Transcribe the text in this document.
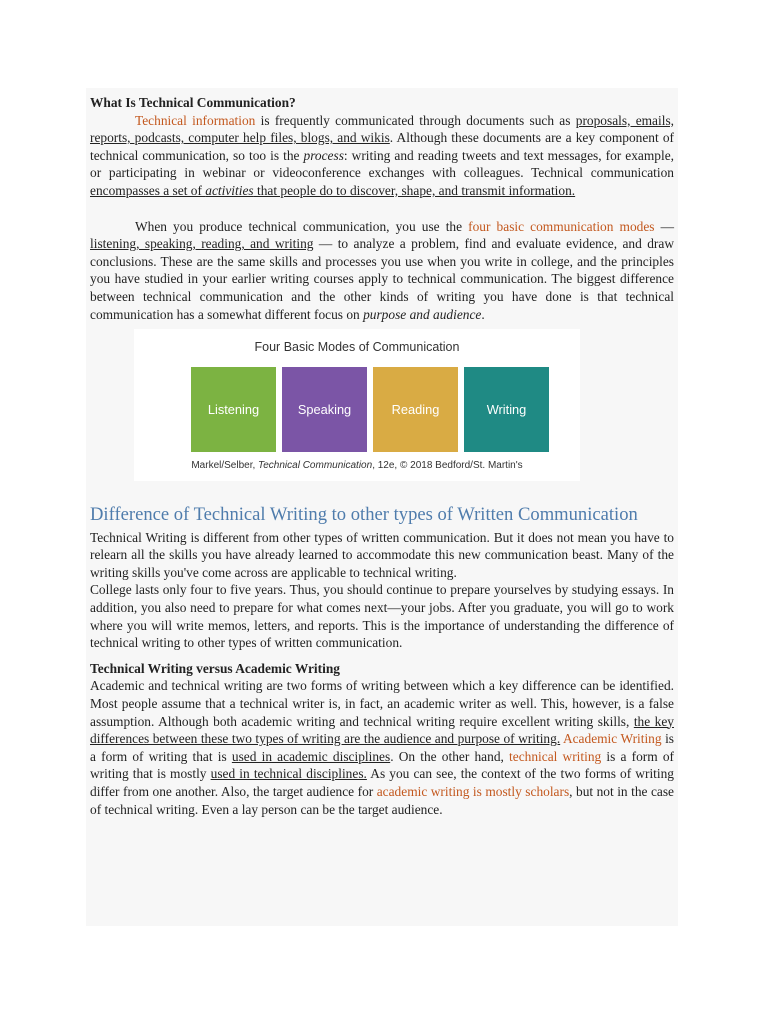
What Is Technical Communication?

Technical information is frequently communicated through documents such as proposals, emails, reports, podcasts, computer help files, blogs, and wikis. Although these documents are a key component of technical communication, so too is the process: writing and reading tweets and text messages, for example, or participating in webinar or videoconference exchanges with colleagues. Technical communication encompasses a set of activities that people do to discover, shape, and transmit information.

When you produce technical communication, you use the four basic communication modes — listening, speaking, reading, and writing — to analyze a problem, find and evaluate evidence, and draw conclusions. These are the same skills and processes you use when you write in college, and the principles you have studied in your earlier writing courses apply to technical communication. The biggest difference between technical communication and the other kinds of writing you have done is that technical communication has a somewhat different focus on purpose and audience.

Four Basic Modes of Communication
Listening	Speaking	Reading	Writing
Markel/Selber, Technical Communication, 12e, © 2018 Bedford/St. Martin's
Difference of Technical Writing to other types of Written Communication

Technical Writing is different from other types of written communication. But it does not mean you have to relearn all the skills you have already learned to accommodate this new communication beast. Many of the writing skills you've come across are applicable to technical writing.

College lasts only four to five years. Thus, you should continue to prepare yourselves by studying essays. In addition, you also need to prepare for what comes next—your jobs. After you graduate, you will go to work where you will write memos, letters, and reports. This is the importance of understanding the difference of technical writing to other types of written communication.

Technical Writing versus Academic Writing

Academic and technical writing are two forms of writing between which a key difference can be identified. Most people assume that a technical writer is, in fact, an academic writer as well. This, however, is a false assumption. Although both academic writing and technical writing require excellent writing skills, the key differences between these two types of writing are the audience and purpose of writing. Academic Writing is a form of writing that is used in academic disciplines. On the other hand, technical writing is a form of writing that is mostly used in technical disciplines. As you can see, the context of the two forms of writing differ from one another. Also, the target audience for academic writing is mostly scholars, but not in the case of technical writing. Even a lay person can be the target audience.
